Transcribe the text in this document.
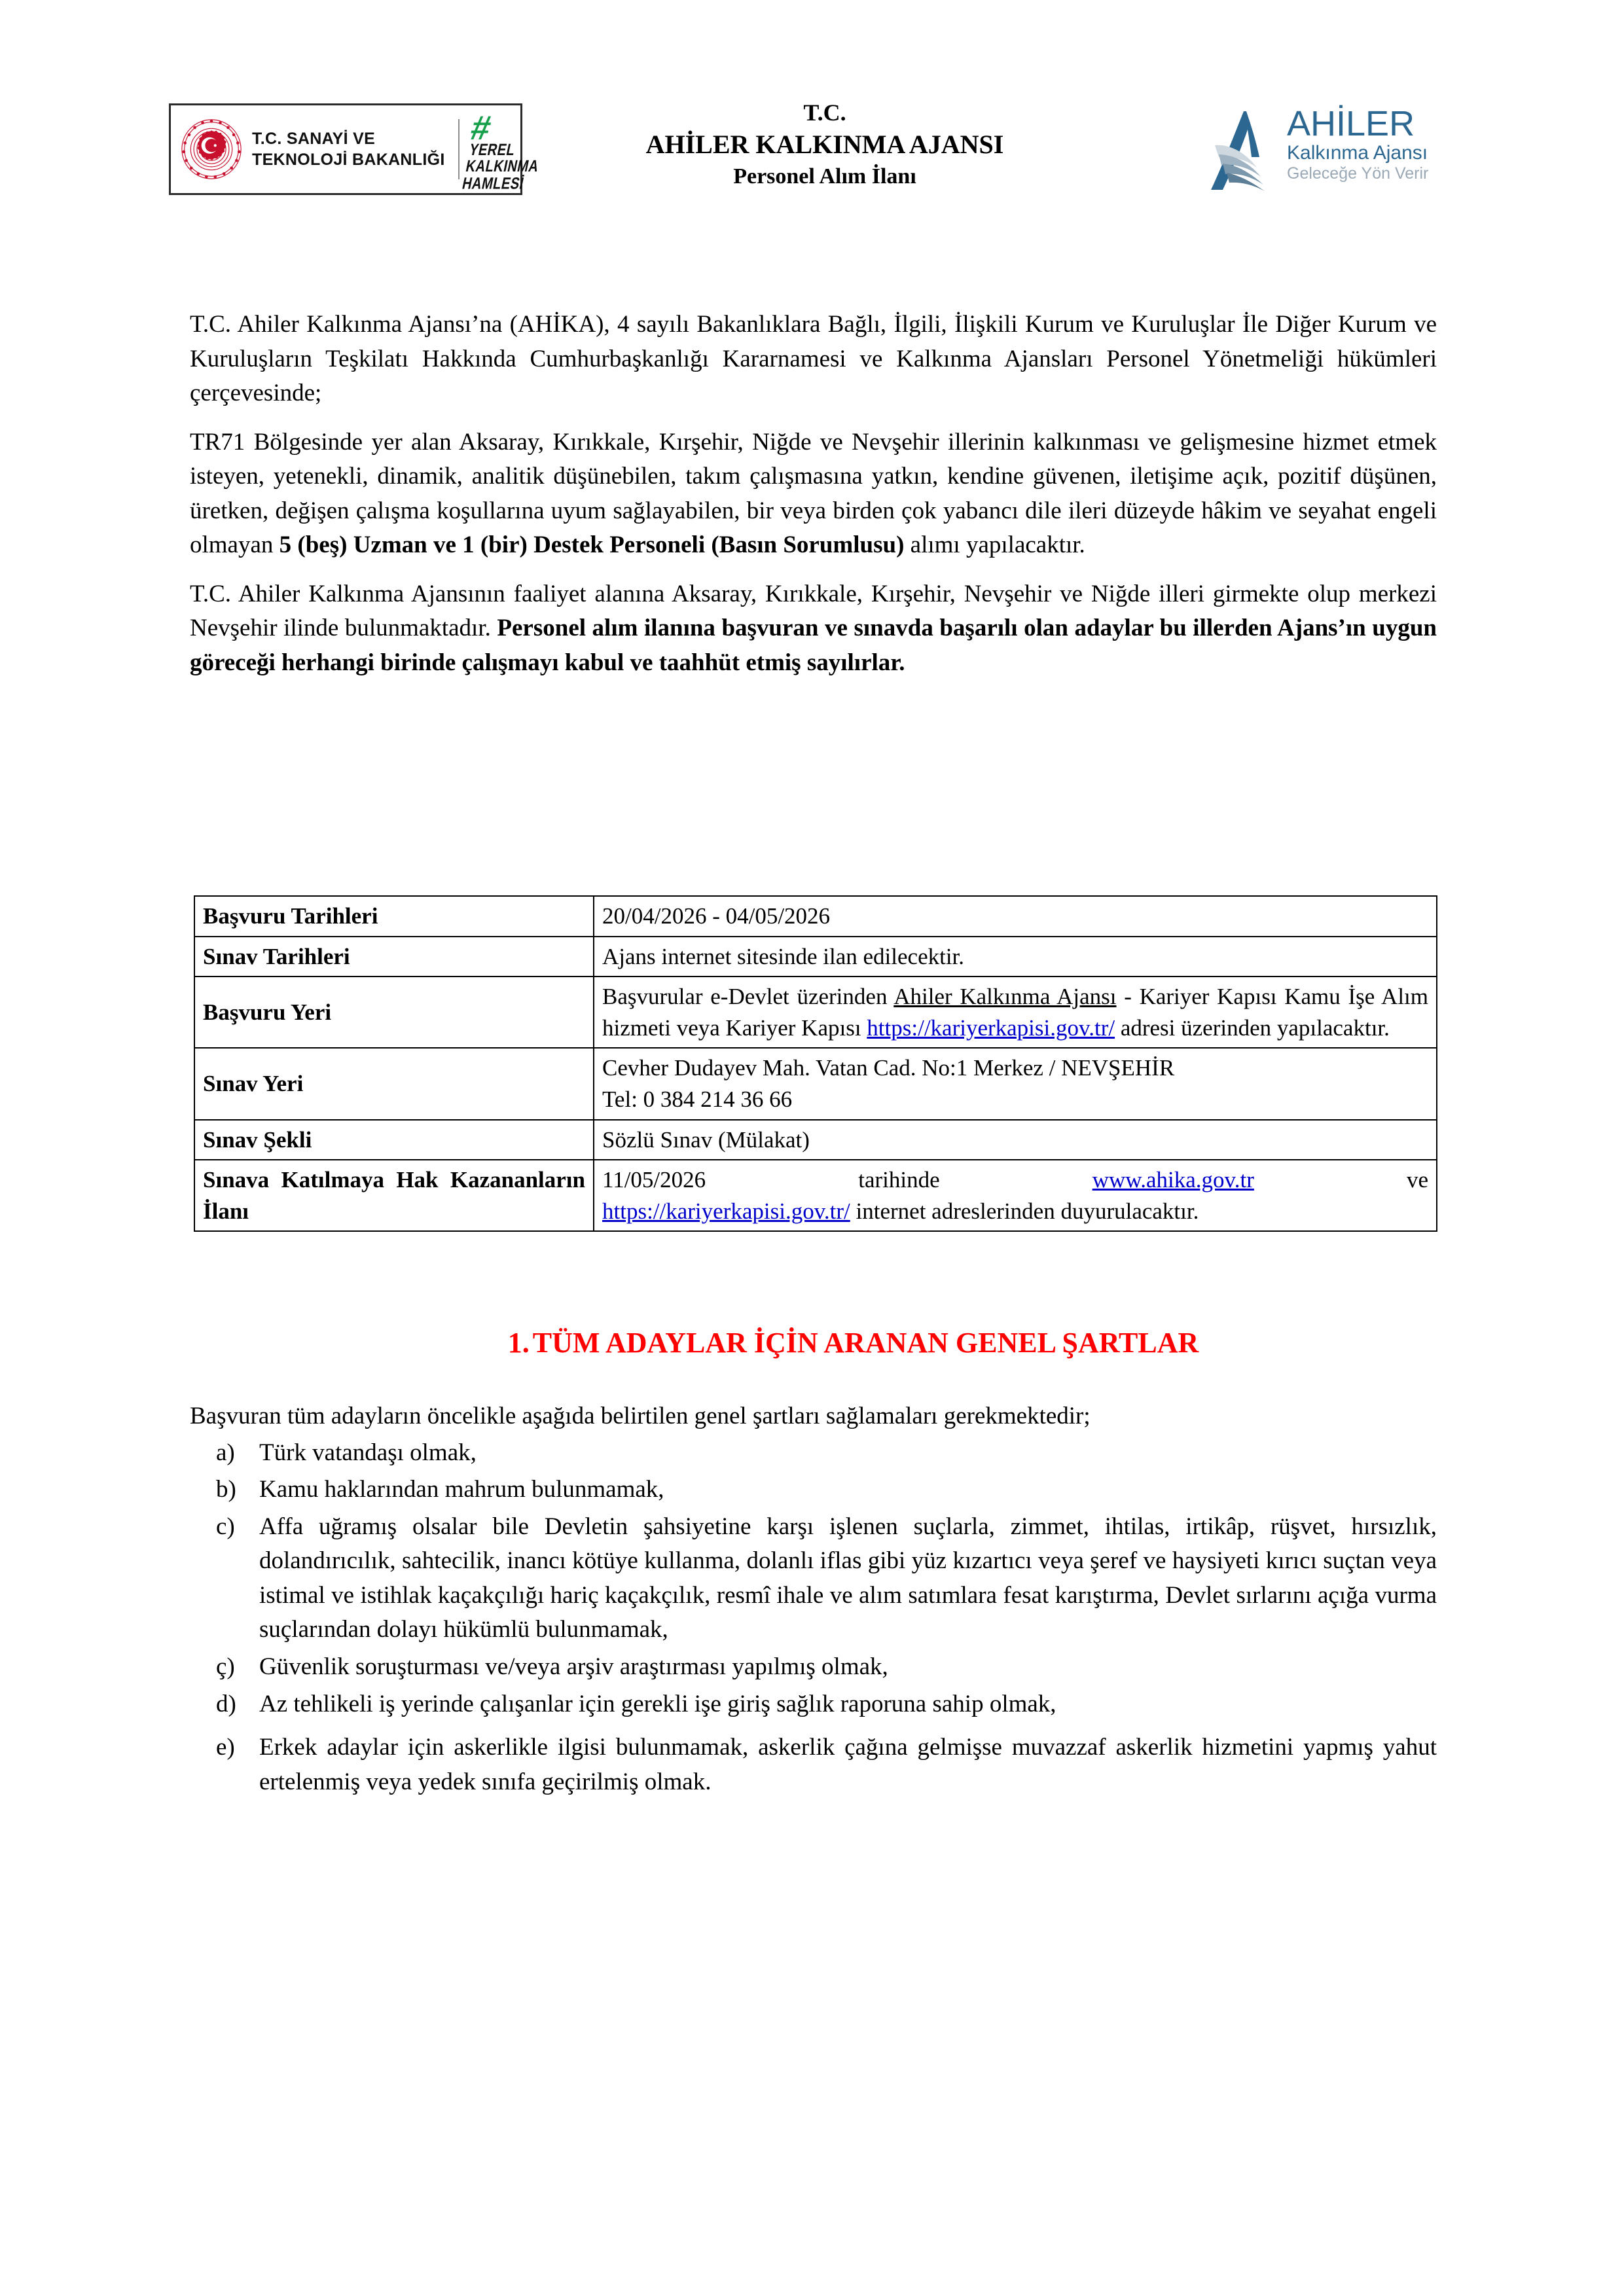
T.C. SANAYİ VE
TEKNOLOJİ BAKANLIĞI
#
YEREL
KALKINMA
HAMLESİ
T.C.
AHİLER KALKINMA AJANSI
Personel Alım İlanı
AHİLER
Kalkınma Ajansı
Geleceğe Yön Verir

T.C. Ahiler Kalkınma Ajansı’na (AHİKA), 4 sayılı Bakanlıklara Bağlı, İlgili, İlişkili Kurum ve Kuruluşlar İle Diğer Kurum ve Kuruluşların Teşkilatı Hakkında Cumhurbaşkanlığı Kararnamesi ve Kalkınma Ajansları Personel Yönetmeliği hükümleri çerçevesinde;

TR71 Bölgesinde yer alan Aksaray, Kırıkkale, Kırşehir, Niğde ve Nevşehir illerinin kalkınması ve gelişmesine hizmet etmek isteyen, yetenekli, dinamik, analitik düşünebilen, takım çalışmasına yatkın, kendine güvenen, iletişime açık, pozitif düşünen, üretken, değişen çalışma koşullarına uyum sağlayabilen, bir veya birden çok yabancı dile ileri düzeyde hâkim ve seyahat engeli olmayan 5 (beş) Uzman ve 1 (bir) Destek Personeli (Basın Sorumlusu) alımı yapılacaktır.

T.C. Ahiler Kalkınma Ajansının faaliyet alanına Aksaray, Kırıkkale, Kırşehir, Nevşehir ve Niğde illeri girmekte olup merkezi Nevşehir ilinde bulunmaktadır. Personel alım ilanına başvuran ve sınavda başarılı olan adaylar bu illerden Ajans’ın uygun göreceği herhangi birinde çalışmayı kabul ve taahhüt etmiş sayılırlar.

Başvuru Tarihleri	20/04/2026 - 04/05/2026
Sınav Tarihleri	Ajans internet sitesinde ilan edilecektir.
Başvuru Yeri	Başvurular e-Devlet üzerinden Ahiler Kalkınma Ajansı - Kariyer Kapısı Kamu İşe Alım hizmeti veya Kariyer Kapısı https://kariyerkapisi.gov.tr/ adresi üzerinden yapılacaktır.
Sınav Yeri	Cevher Dudayev Mah. Vatan Cad. No:1 Merkez / NEVŞEHİR
Tel: 0 384 214 36 66

Sınav Şekli	Sözlü Sınav (Mülakat)
Sınava Katılmaya Hak Kazananların İlanı	11/05/2026 tarihinde www.ahika.gov.tr ve
https://kariyerkapisi.gov.tr/ internet adreslerinden duyurulacaktır.
1. TÜM ADAYLAR İÇİN ARANAN GENEL ŞARTLAR

Başvuran tüm adayların öncelikle aşağıda belirtilen genel şartları sağlamaları gerekmektedir;

a)	Türk vatandaşı olmak,
b) Kamu haklarından mahrum bulunmamak,
c)	Affa uğramış olsalar bile Devletin şahsiyetine karşı işlenen suçlarla, zimmet, ihtilas, irtikâp, rüşvet, hırsızlık, dolandırıcılık, sahtecilik, inancı kötüye kullanma, dolanlı iflas gibi yüz kızartıcı veya şeref ve haysiyeti kırıcı suçtan veya istimal ve istihlak kaçakçılığı hariç kaçakçılık, resmî ihale ve alım satımlara fesat karıştırma, Devlet sırlarını açığa vurma suçlarından dolayı hükümlü bulunmamak,
ç)	Güvenlik soruşturması ve/veya arşiv araştırması yapılmış olmak,
d) Az tehlikeli iş yerinde çalışanlar için gerekli işe giriş sağlık raporuna sahip olmak,
e)	Erkek adaylar için askerlikle ilgisi bulunmamak, askerlik çağına gelmişse muvazzaf askerlik hizmetini yapmış yahut ertelenmiş veya yedek sınıfa geçirilmiş olmak.
